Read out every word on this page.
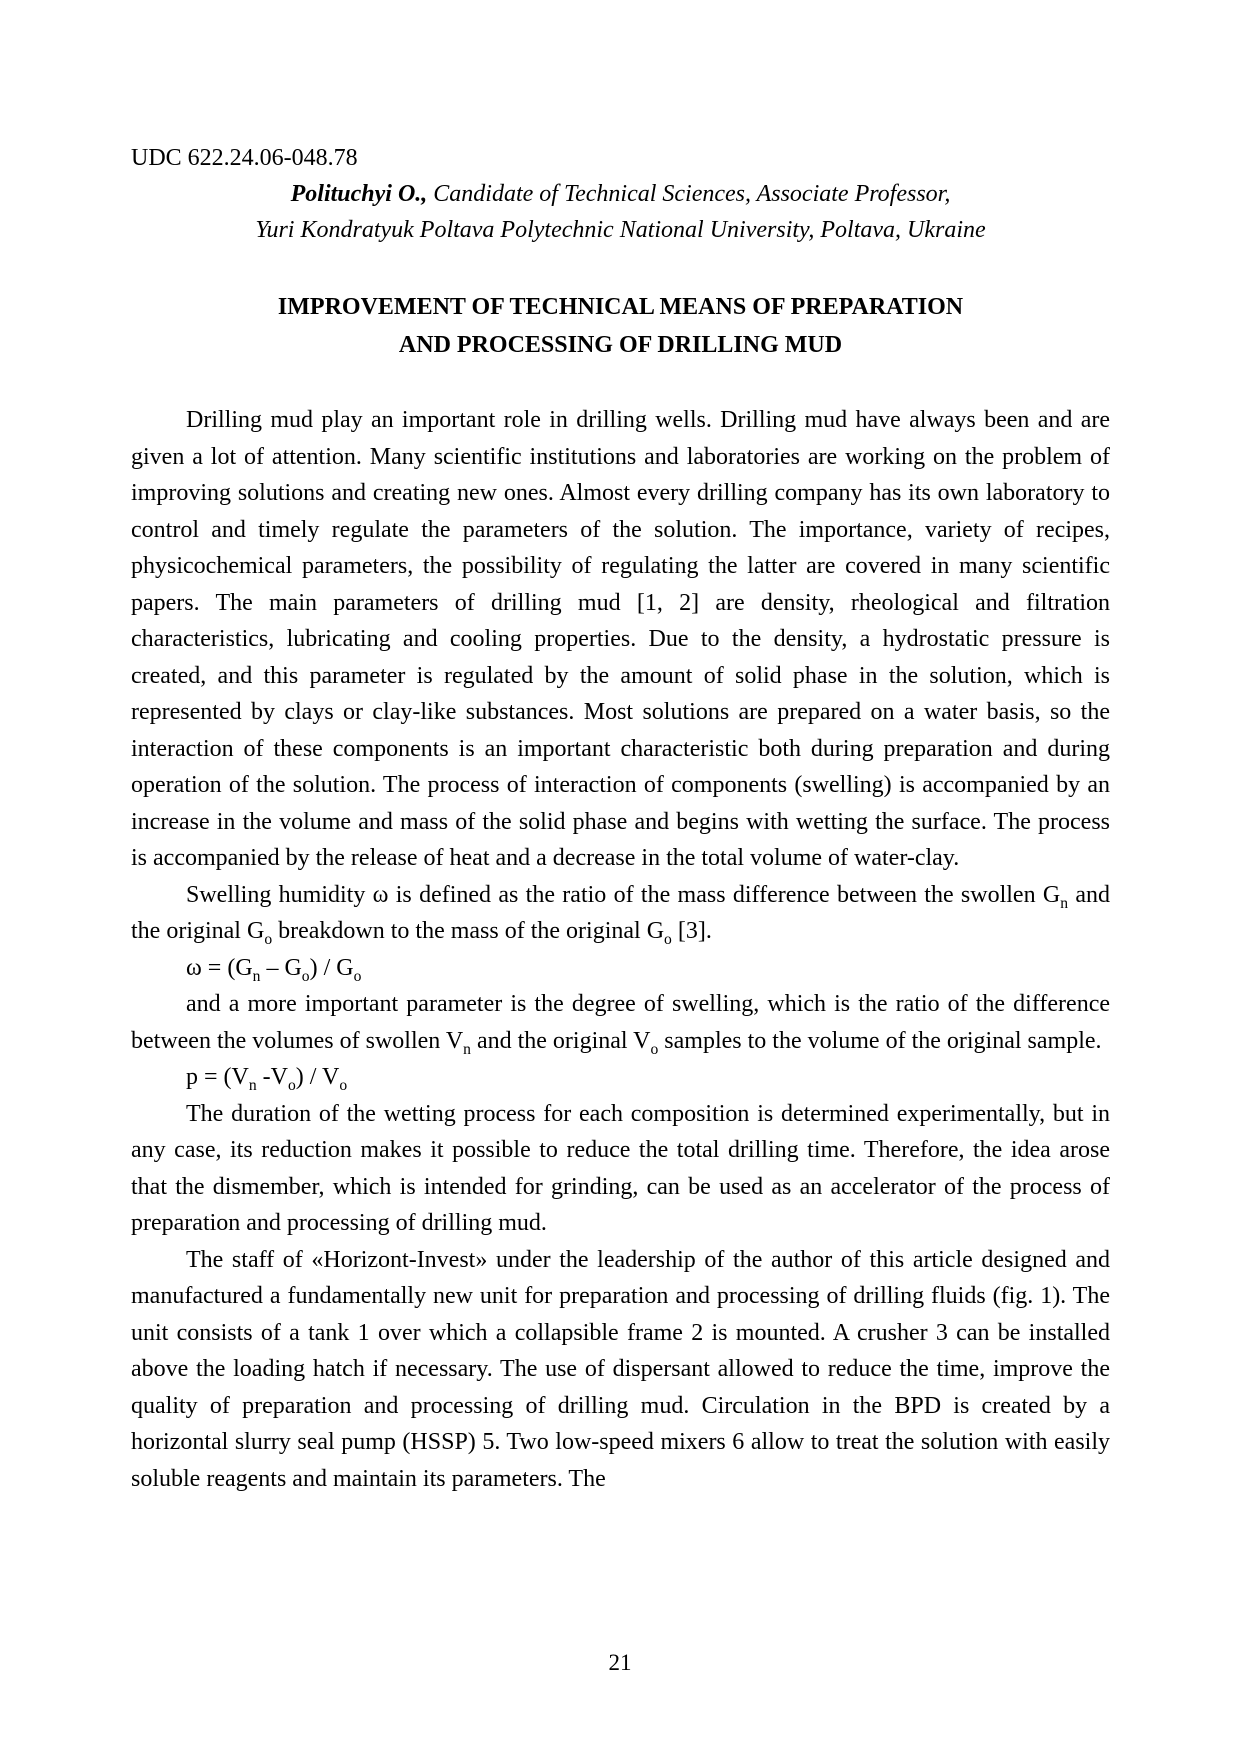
UDC 622.24.06-048.78
Polituchyi O., Candidate of Technical Sciences, Associate Professor,
Yuri Kondratyuk Poltava Polytechnic National University, Poltava, Ukraine
IMPROVEMENT OF TECHNICAL MEANS OF PREPARATION
AND PROCESSING OF DRILLING MUD

Drilling mud play an important role in drilling wells. Drilling mud have always been and are given a lot of attention. Many scientific institutions and laboratories are working on the problem of improving solutions and creating new ones. Almost every drilling company has its own laboratory to control and timely regulate the parameters of the solution. The importance, variety of recipes, physicochemical parameters, the possibility of regulating the latter are covered in many scientific papers. The main parameters of drilling mud [1, 2] are density, rheological and filtration characteristics, lubricating and cooling properties. Due to the density, a hydrostatic pressure is created, and this parameter is regulated by the amount of solid phase in the solution, which is represented by clays or clay-like substances. Most solutions are prepared on a water basis, so the interaction of these components is an important characteristic both during preparation and during operation of the solution. The process of interaction of components (swelling) is accompanied by an increase in the volume and mass of the solid phase and begins with wetting the surface. The process is accompanied by the release of heat and a decrease in the total volume of water-clay.

Swelling humidity ω is defined as the ratio of the mass difference between the swollen $G_n$ and the original $G_o$ breakdown to the mass of the original $G_o$ [3].

$\omega = (G_n - G_o) / G_o$

and a more important parameter is the degree of swelling, which is the ratio of the difference between the volumes of swollen $V_n$ and the original $V_o$ samples to the volume of the original sample.

$p = (V_n$ $-V_o) / V_o$

The duration of the wetting process for each composition is determined experimentally, but in any case, its reduction makes it possible to reduce the total drilling time. Therefore, the idea arose that the dismember, which is intended for grinding, can be used as an accelerator of the process of preparation and processing of drilling mud.

The staff of «Horizont-Invest» under the leadership of the author of this article designed and manufactured a fundamentally new unit for preparation and processing of drilling fluids (fig. 1). The unit consists of a tank 1 over which a collapsible frame 2 is mounted. A crusher 3 can be installed above the loading hatch if necessary. The use of dispersant allowed to reduce the time, improve the quality of preparation and processing of drilling mud. Circulation in the BPD is created by a horizontal slurry seal pump (HSSP) 5. Two low-speed mixers 6 allow to treat the solution with easily soluble reagents and maintain its parameters. The

21
